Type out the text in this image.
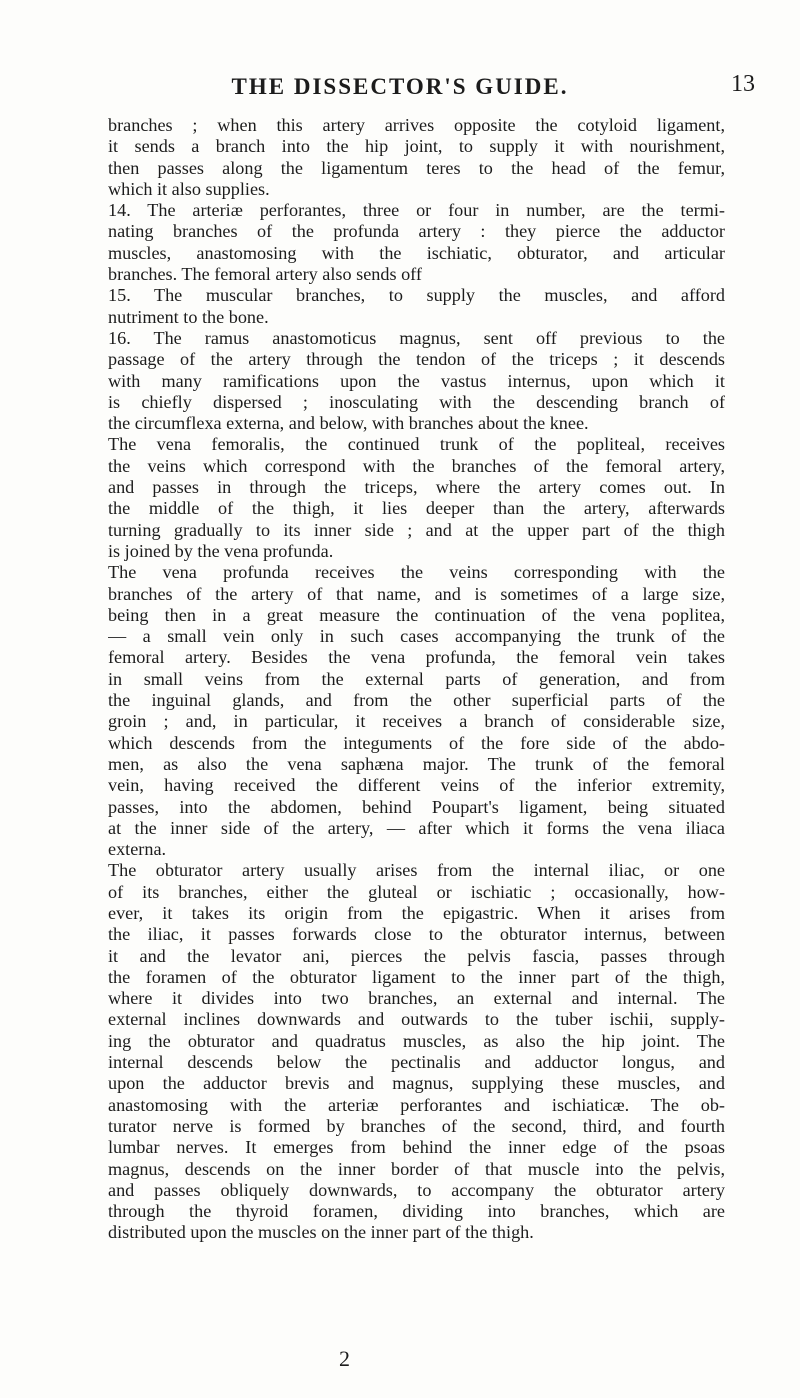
THE DISSECTOR'S GUIDE.	13
branches ; when this artery arrives opposite the cotyloid ligament,
it sends a branch into the hip joint, to supply it with nourishment,
then passes along the ligamentum teres to the head of the femur,
which it also supplies.
14. The arteriæ perforantes, three or four in number, are the termi-
nating branches of the profunda artery : they pierce the adductor
muscles, anastomosing with the ischiatic, obturator, and articular
branches. The femoral artery also sends off
15. The muscular branches, to supply the muscles, and afford
nutriment to the bone.
16. The ramus anastomoticus magnus, sent off previous to the
passage of the artery through the tendon of the triceps ; it descends
with many ramifications upon the vastus internus, upon which it
is chiefly dispersed ; inosculating with the descending branch of
the circumflexa externa, and below, with branches about the knee.
The vena femoralis, the continued trunk of the popliteal, receives
the veins which correspond with the branches of the femoral artery,
and passes in through the triceps, where the artery comes out. In
the middle of the thigh, it lies deeper than the artery, afterwards
turning gradually to its inner side ; and at the upper part of the thigh
is joined by the vena profunda.
The vena profunda receives the veins corresponding with the
branches of the artery of that name, and is sometimes of a large size,
being then in a great measure the continuation of the vena poplitea,
— a small vein only in such cases accompanying the trunk of the
femoral artery. Besides the vena profunda, the femoral vein takes
in small veins from the external parts of generation, and from
the inguinal glands, and from the other superficial parts of the
groin ; and, in particular, it receives a branch of considerable size,
which descends from the integuments of the fore side of the abdo-
men, as also the vena saphæna major. The trunk of the femoral
vein, having received the different veins of the inferior extremity,
passes, into the abdomen, behind Poupart's ligament, being situated
at the inner side of the artery, — after which it forms the vena iliaca
externa.
The obturator artery usually arises from the internal iliac, or one
of its branches, either the gluteal or ischiatic ; occasionally, how-
ever, it takes its origin from the epigastric. When it arises from
the iliac, it passes forwards close to the obturator internus, between
it and the levator ani, pierces the pelvis fascia, passes through
the foramen of the obturator ligament to the inner part of the thigh,
where it divides into two branches, an external and internal. The
external inclines downwards and outwards to the tuber ischii, supply-
ing the obturator and quadratus muscles, as also the hip joint. The
internal descends below the pectinalis and adductor longus, and
upon the adductor brevis and magnus, supplying these muscles, and
anastomosing with the arteriæ perforantes and ischiaticæ. The ob-
turator nerve is formed by branches of the second, third, and fourth
lumbar nerves. It emerges from behind the inner edge of the psoas
magnus, descends on the inner border of that muscle into the pelvis,
and passes obliquely downwards, to accompany the obturator artery
through the thyroid foramen, dividing into branches, which are
distributed upon the muscles on the inner part of the thigh.
2
